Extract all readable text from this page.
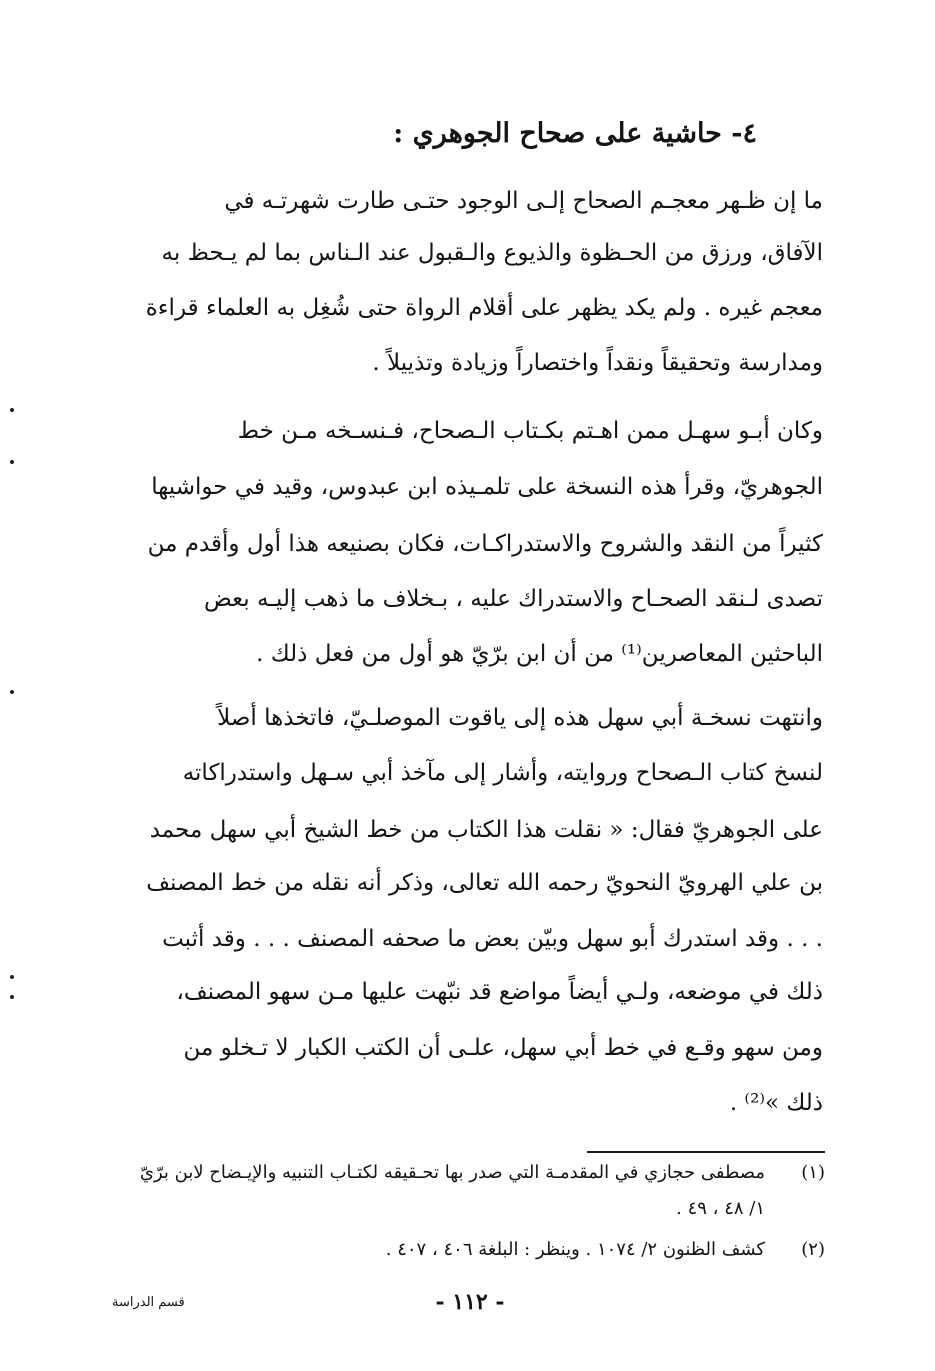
٤- حاشية على صحاح الجوهري :
ما إن ظـهر معجـم الصحاح إلـى الوجود حتـى طارت شهرتـه في
الآفاق، ورزق من الحـظوة والذيوع والـقبول عند الـناس بما لم يـحظ به
معجم غيره . ولم يكد يظهر على أقلام الرواة حتى شُغِل به العلماء قراءة
ومدارسة وتحقيقاً ونقداً واختصاراً وزيادة وتذييلاً .
وكان أبـو سهـل ممن اهـتم بكـتاب الـصحاح، فـنسـخه مـن خط
الجوهريّ، وقرأ هذه النسخة على تلمـيذه ابن عبدوس، وقيد في حواشيها
كثيراً من النقد والشروح والاستدراكـات، فكان بصنيعه هذا أول وأقدم من
تصدى لـنقد الصحـاح والاستدراك عليه ، بـخلاف ما ذهب إليـه بعض
الباحثين المعاصرين⁽¹⁾ من أن ابن برّيّ هو أول من فعل ذلك .
وانتهت نسخـة أبي سهل هذه إلى ياقوت الموصلـيّ، فاتخذها أصلاً
لنسخ كتاب الـصحاح وروايته، وأشار إلى مآخذ أبي سـهل واستدراكاته
على الجوهريّ فقال: « نقلت هذا الكتاب من خط الشيخ أبي سهل محمد
بن علي الهرويّ النحويّ رحمه الله تعالى، وذكر أنه نقله من خط المصنف
. . . وقد استدرك أبو سهل وبيّن بعض ما صحفه المصنف . . . وقد أثبت
ذلك في موضعه، ولـي أيضاً مواضع قد نبّهت عليها مـن سهو المصنف،
ومن سهو وقـع في خط أبي سهل، علـى أن الكتب الكبار لا تـخلو من
ذلك »⁽²⁾ .
(١)
مصطفى حجازي في المقدمـة التي صدر بها تحـقيقه لكتـاب التنبيه والإيـضاح لابن برّيّ
١/ ٤٨ ، ٤٩ .
(٢)
كشف الظنون ٢/ ١٠٧٤ . وينظر : البلغة ٤٠٦ ، ٤٠٧ .
- ١١٢ -
قسم الدراسة
